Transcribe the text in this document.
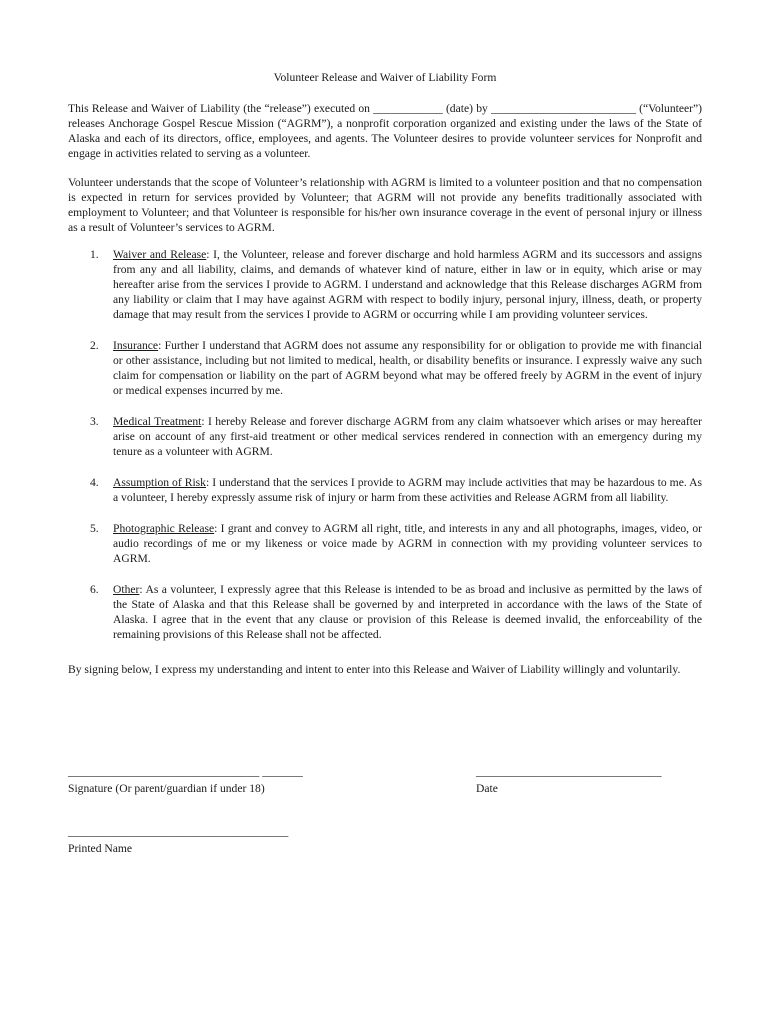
Volunteer Release and Waiver of Liability Form

This Release and Waiver of Liability (the “release”) executed on ____________ (date) by _________________________ (“Volunteer”) releases Anchorage Gospel Rescue Mission (“AGRM”), a nonprofit corporation organized and existing under the laws of the State of Alaska and each of its directors, office, employees, and agents. The Volunteer desires to provide volunteer services for Nonprofit and engage in activities related to serving as a volunteer.

Volunteer understands that the scope of Volunteer’s relationship with AGRM is limited to a volunteer position and that no compensation is expected in return for services provided by Volunteer; that AGRM will not provide any benefits traditionally associated with employment to Volunteer; and that Volunteer is responsible for his/her own insurance coverage in the event of personal injury or illness as a result of Volunteer’s services to AGRM.

1. Waiver and Release: I, the Volunteer, release and forever discharge and hold harmless AGRM and its successors and assigns from any and all liability, claims, and demands of whatever kind of nature, either in law or in equity, which arise or may hereafter arise from the services I provide to AGRM. I understand and acknowledge that this Release discharges AGRM from any liability or claim that I may have against AGRM with respect to bodily injury, personal injury, illness, death, or property damage that may result from the services I provide to AGRM or occurring while I am providing volunteer services.
2. Insurance: Further I understand that AGRM does not assume any responsibility for or obligation to provide me with financial or other assistance, including but not limited to medical, health, or disability benefits or insurance. I expressly waive any such claim for compensation or liability on the part of AGRM beyond what may be offered freely by AGRM in the event of injury or medical expenses incurred by me.
3. Medical Treatment: I hereby Release and forever discharge AGRM from any claim whatsoever which arises or may hereafter arise on account of any first-aid treatment or other medical services rendered in connection with an emergency during my tenure as a volunteer with AGRM.
4. Assumption of Risk: I understand that the services I provide to AGRM may include activities that may be hazardous to me. As a volunteer, I hereby expressly assume risk of injury or harm from these activities and Release AGRM from all liability.
5. Photographic Release: I grant and convey to AGRM all right, title, and interests in any and all photographs, images, video, or audio recordings of me or my likeness or voice made by AGRM in connection with my providing volunteer services to AGRM.
6. Other: As a volunteer, I expressly agree that this Release is intended to be as broad and inclusive as permitted by the laws of the State of Alaska and that this Release shall be governed by and interpreted in accordance with the laws of the State of Alaska. I agree that in the event that any clause or provision of this Release is deemed invalid, the enforceability of the remaining provisions of this Release shall not be affected.

By signing below, I express my understanding and intent to enter into this Release and Waiver of Liability willingly and voluntarily.

_________________________________ _______
Signature (Or parent/guardian if under 18)
________________________________
Date
______________________________________
Printed Name
